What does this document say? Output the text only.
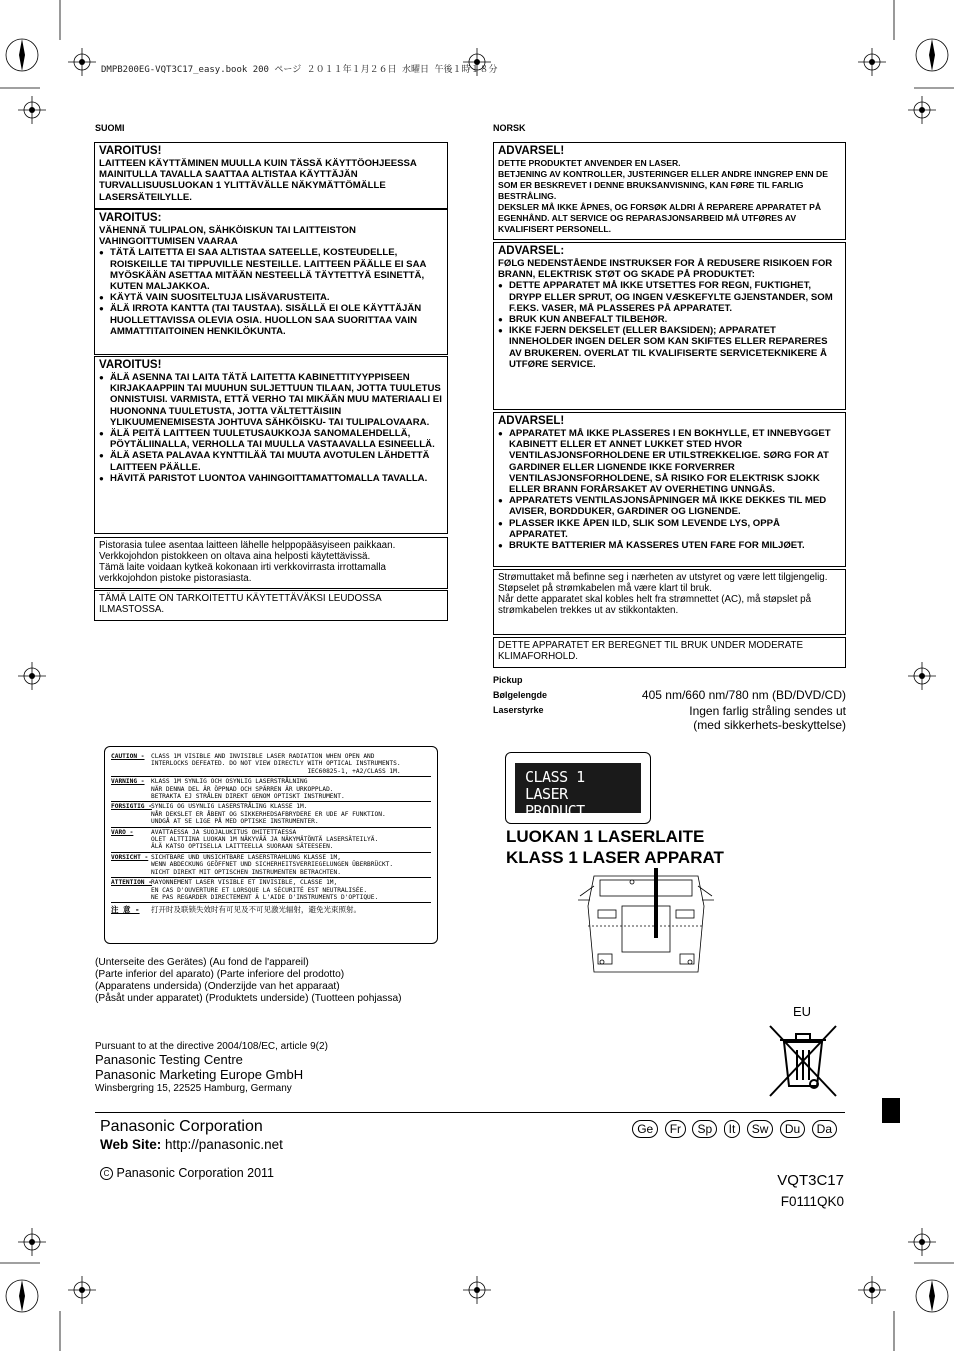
DMPB200EG-VQT3C17_easy.book 200 ページ ２０１１年１月２６日 水曜日 午後１時１８分
SUOMI
VAROITUS!
LAITTEEN KÄYTTÄMINEN MUULLA KUIN TÄSSÄ KÄYTTÖOHJEESSA MAINITULLA TAVALLA SAATTAA ALTISTAA KÄYTTÄJÄN TURVALLISUUSLUOKAN 1 YLITTÄVÄLLE NÄKYMÄTTÖMÄLLE LASERSÄTEILYLLE.
VAROITUS:
VÄHENNÄ TULIPALON, SÄHKÖISKUN TAI LAITTEISTON VAHINGOITTUMISEN VAARAA
● TÄTÄ LAITETTA EI SAA ALTISTAA SATEELLE, KOSTEUDELLE, ROISKEILLE TAI TIPPUVILLE NESTEILLE. LAITTEEN PÄÄLLE EI SAA MYÖSKÄÄN ASETTAA MITÄÄN NESTEELLÄ TÄYTETTYÄ ESINETTÄ, KUTEN MALJAKKOA.
● KÄYTÄ VAIN SUOSITELTUJA LISÄVARUSTEITA.
● ÄLÄ IRROTA KANTTA (TAI TAUSTAA). SISÄLLÄ EI OLE KÄYTTÄJÄN HUOLLETTAVISSA OLEVIA OSIA. HUOLLON SAA SUORITTAA VAIN AMMATTITAITOINEN HENKILÖKUNTA.
VAROITUS!
● ÄLÄ ASENNA TAI LAITA TÄTÄ LAITETTA KABINETTITYYPPISEEN KIRJAKAAPPIIN TAI MUUHUN SULJETTUUN TILAAN, JOTTA TUULETUS ONNISTUISI. VARMISTA, ETTÄ VERHO TAI MIKÄÄN MUU MATERIAALI EI HUONONNA TUULETUSTA, JOTTA VÄLTETTÄISIIN YLIKUUMENEMISESTA JOHTUVA SÄHKÖISKU- TAI TULIPALOVAARA.
● ÄLÄ PEITÄ LAITTEEN TUULETUSAUKKOJA SANOMALEHDELLÄ, PÖYTÄLIINALLA, VERHOLLA TAI MUULLA VASTAAVALLA ESINEELLÄ.
● ÄLÄ ASETA PALAVAA KYNTTILÄÄ TAI MUUTA AVOTULEN LÄHDETTÄ LAITTEEN PÄÄLLE.
● HÄVITÄ PARISTOT LUONTOA VAHINGOITTAMATTOMALLA TAVALLA.
Pistorasia tulee asentaa laitteen lähelle helppopääsyiseen paikkaan.
Verkkojohdon pistokkeen on oltava aina helposti käytettävissä.
Tämä laite voidaan kytkeä kokonaan irti verkkovirrasta irrottamalla verkkojohdon pistoke pistorasiasta.
TÄMÄ LAITE ON TARKOITETTU KÄYTETTÄVÄKSI LEUDOSSA ILMASTOSSA.
NORSK
ADVARSEL!
DETTE PRODUKTET ANVENDER EN LASER.
BETJENING AV KONTROLLER, JUSTERINGER ELLER ANDRE INNGREP ENN DE SOM ER BESKREVET I DENNE BRUKSANVISNING, KAN FØRE TIL FARLIG BESTRÅLING.
DEKSLER MÅ IKKE ÅPNES, OG FORSØK ALDRI Å REPARERE APPARATET PÅ EGENHÅND. ALT SERVICE OG REPARASJONSARBEID MÅ UTFØRES AV KVALIFISERT PERSONELL.
ADVARSEL:
FØLG NEDENSTÅENDE INSTRUKSER FOR Å REDUSERE RISIKOEN FOR BRANN, ELEKTRISK STØT OG SKADE PÅ PRODUKTET:
● DETTE APPARATET MÅ IKKE UTSETTES FOR REGN, FUKTIGHET, DRYPP ELLER SPRUT, OG INGEN VÆSKEFYLTE GJENSTANDER, SOM F.EKS. VASER, MÅ PLASSERES PÅ APPARATET.
● BRUK KUN ANBEFALT TILBEHØR.
● IKKE FJERN DEKSELET (ELLER BAKSIDEN); APPARATET INNEHOLDER INGEN DELER SOM KAN SKIFTES ELLER REPARERES AV BRUKEREN. OVERLAT TIL KVALIFISERTE SERVICETEKNIKERE Å UTFØRE SERVICE.
ADVARSEL!
● APPARATET MÅ IKKE PLASSERES I EN BOKHYLLE, ET INNEBYGGET KABINETT ELLER ET ANNET LUKKET STED HVOR VENTILASJONSFORHOLDENE ER UTILSTREKKELIGE. SØRG FOR AT GARDINER ELLER LIGNENDE IKKE FORVERRER VENTILASJONSFORHOLDENE, SÅ RISIKO FOR ELEKTRISK SJOKK ELLER BRANN FORÅRSAKET AV OVERHETING UNNGÅS.
● APPARATETS VENTILASJONSÅPNINGER MÅ IKKE DEKKES TIL MED AVISER, BORDDUKER, GARDINER OG LIGNENDE.
● PLASSER IKKE ÅPEN ILD, SLIK SOM LEVENDE LYS, OPPÅ APPARATET.
● BRUKTE BATTERIER MÅ KASSERES UTEN FARE FOR MILJØET.
Strømuttaket må befinne seg i nærheten av utstyret og være lett tilgjengelig.
Støpselet på strømkabelen må være klart til bruk.
Når dette apparatet skal kobles helt fra strømnettet (AC), må støpslet på strømkabelen trekkes ut av stikkontakten.
DETTE APPARATET ER BEREGNET TIL BRUK UNDER MODERATE KLIMAFORHOLD.
Pickup
Bølgelengde	405 nm/660 nm/780 nm (BD/DVD/CD)
Laserstyrke	Ingen farlig stråling sendes ut
(med sikkerhets-beskyttelse)
CAUTION -	CLASS 1M VISIBLE AND INVISIBLE LASER RADIATION WHEN OPEN AND
INTERLOCKS DEFEATED. DO NOT VIEW DIRECTLY WITH OPTICAL INSTRUMENTS.
IEC60825-1, +A2/CLASS 1M.
VARNING -	KLASS 1M SYNLIG OCH OSYNLIG LASERSTRÅLNING
NÄR DENNA DEL ÄR ÖPPNAD OCH SPÄRREN ÄR URKOPPLAD.
BETRAKTA EJ STRÅLEN DIREKT GENOM OPTISKT INSTRUMENT.
FORSIGTIG - SYNLIG OG USYNLIG LASERSTRÅLING KLASSE 1M.
NÅR DEKSLET ER ÅBENT OG SIKKERHEDSAFBRYDERE ER UDE AF FUNKTION.
UNDGÅ AT SE LIGE PÅ MED OPTISKE INSTRUMENTER.
VARO -	AVATTAESSA JA SUOJALUKITUS OHITETTAESSA
OLET ALTTIINA LUOKAN 1M NÄKYVÄÄ JA NÄKYMÄTÖNTÄ LASERSÄTEILYÄ.
ÄLÄ KATSO OPTISELLA LAITTEELLA SUORAAN SÄTEESEEN.
VORSICHT - SICHTBARE UND UNSICHTBARE LASERSTRAHLUNG KLASSE 1M,
WENN ABDECKUNG GEÖFFNET UND SICHERHEITSVERRIEGELUNGEN ÜBERBRÜCKT.
NICHT DIREKT MIT OPTISCHEN INSTRUMENTEN BETRACHTEN.
ATTENTION - RAYONNEMENT LASER VISIBLE ET INVISIBLE, CLASSE 1M,
EN CAS D'OUVERTURE ET LORSQUE LA SÉCURITÉ EST NEUTRALISÉE.
NE PAS REGARDER DIRECTEMENT À L'AIDE D'INSTRUMENTS D'OPTIQUE.
注 意 -	打开时及联锁失效时有可见及不可见激光辐射，避免光束照射。
(Unterseite des Gerätes) (Au fond de l'appareil)
(Parte inferior del aparato) (Parte inferiore del prodotto)
(Apparatens undersida) (Onderzijde van het apparaat)
(Påsåt under apparatet) (Produktets underside) (Tuotteen pohjassa)
CLASS 1
LASER PRODUCT
LUOKAN 1 LASERLAITE
KLASS 1 LASER APPARAT
Pursuant to at the directive 2004/108/EC, article 9(2)
Panasonic Testing Centre
Panasonic Marketing Europe GmbH
Winsbergring 15, 22525 Hamburg, Germany
EU
Panasonic Corporation
Web Site: http://panasonic.net
C Panasonic Corporation 2011
Ge Fr Sp It Sw Du Da
VQT3C17
F0111QK0
